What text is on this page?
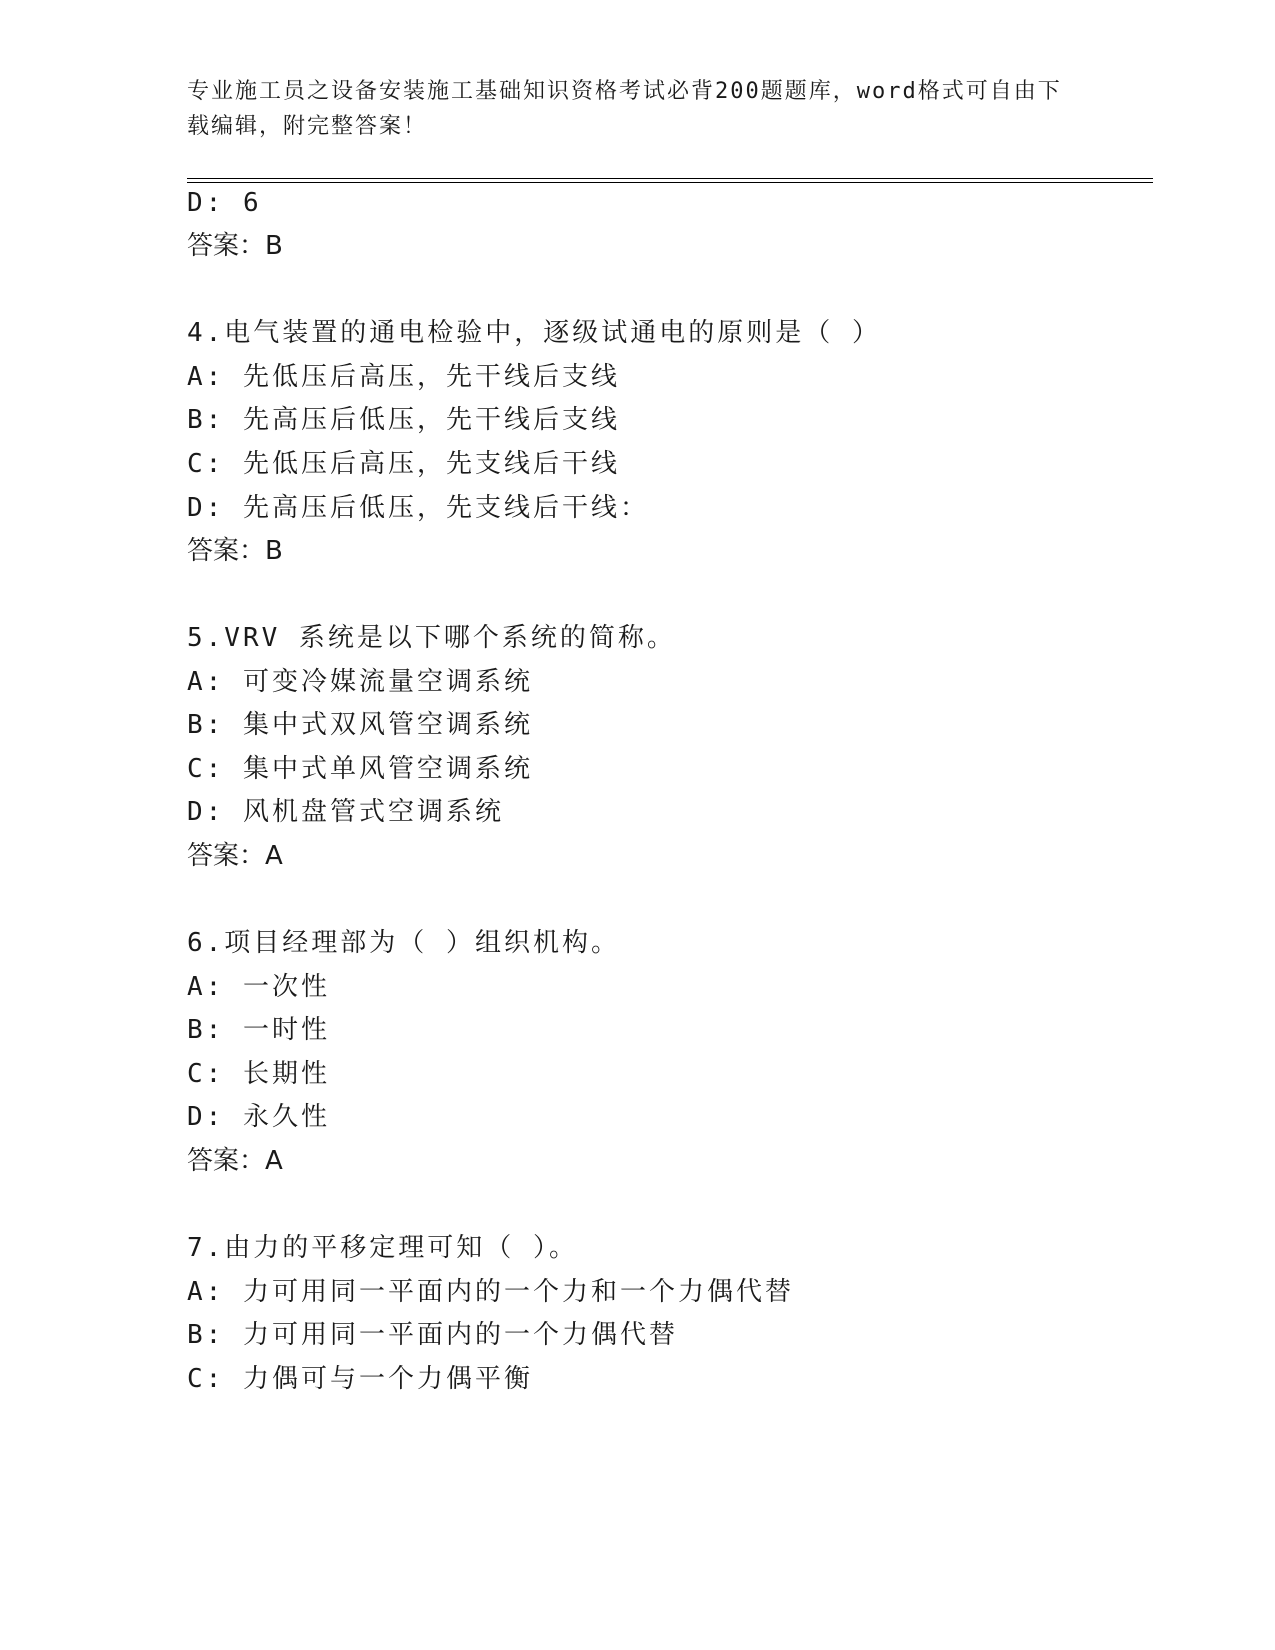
专业施工员之设备安装施工基础知识资格考试必背200题题库，word格式可自由下载编辑，附完整答案！
D: 6
答案：B
4.电气装置的通电检验中，逐级试通电的原则是（ ）
A: 先低压后高压，先干线后支线
B: 先高压后低压，先干线后支线
C: 先低压后高压，先支线后干线
D: 先高压后低压，先支线后干线：
答案：B
5.VRV 系统是以下哪个系统的简称。
A: 可变冷媒流量空调系统
B: 集中式双风管空调系统
C: 集中式单风管空调系统
D: 风机盘管式空调系统
答案：A
6.项目经理部为（ ）组织机构。
A: 一次性
B: 一时性
C: 长期性
D: 永久性
答案：A
7.由力的平移定理可知（ ）。
A: 力可用同一平面内的一个力和一个力偶代替
B: 力可用同一平面内的一个力偶代替
C: 力偶可与一个力偶平衡
